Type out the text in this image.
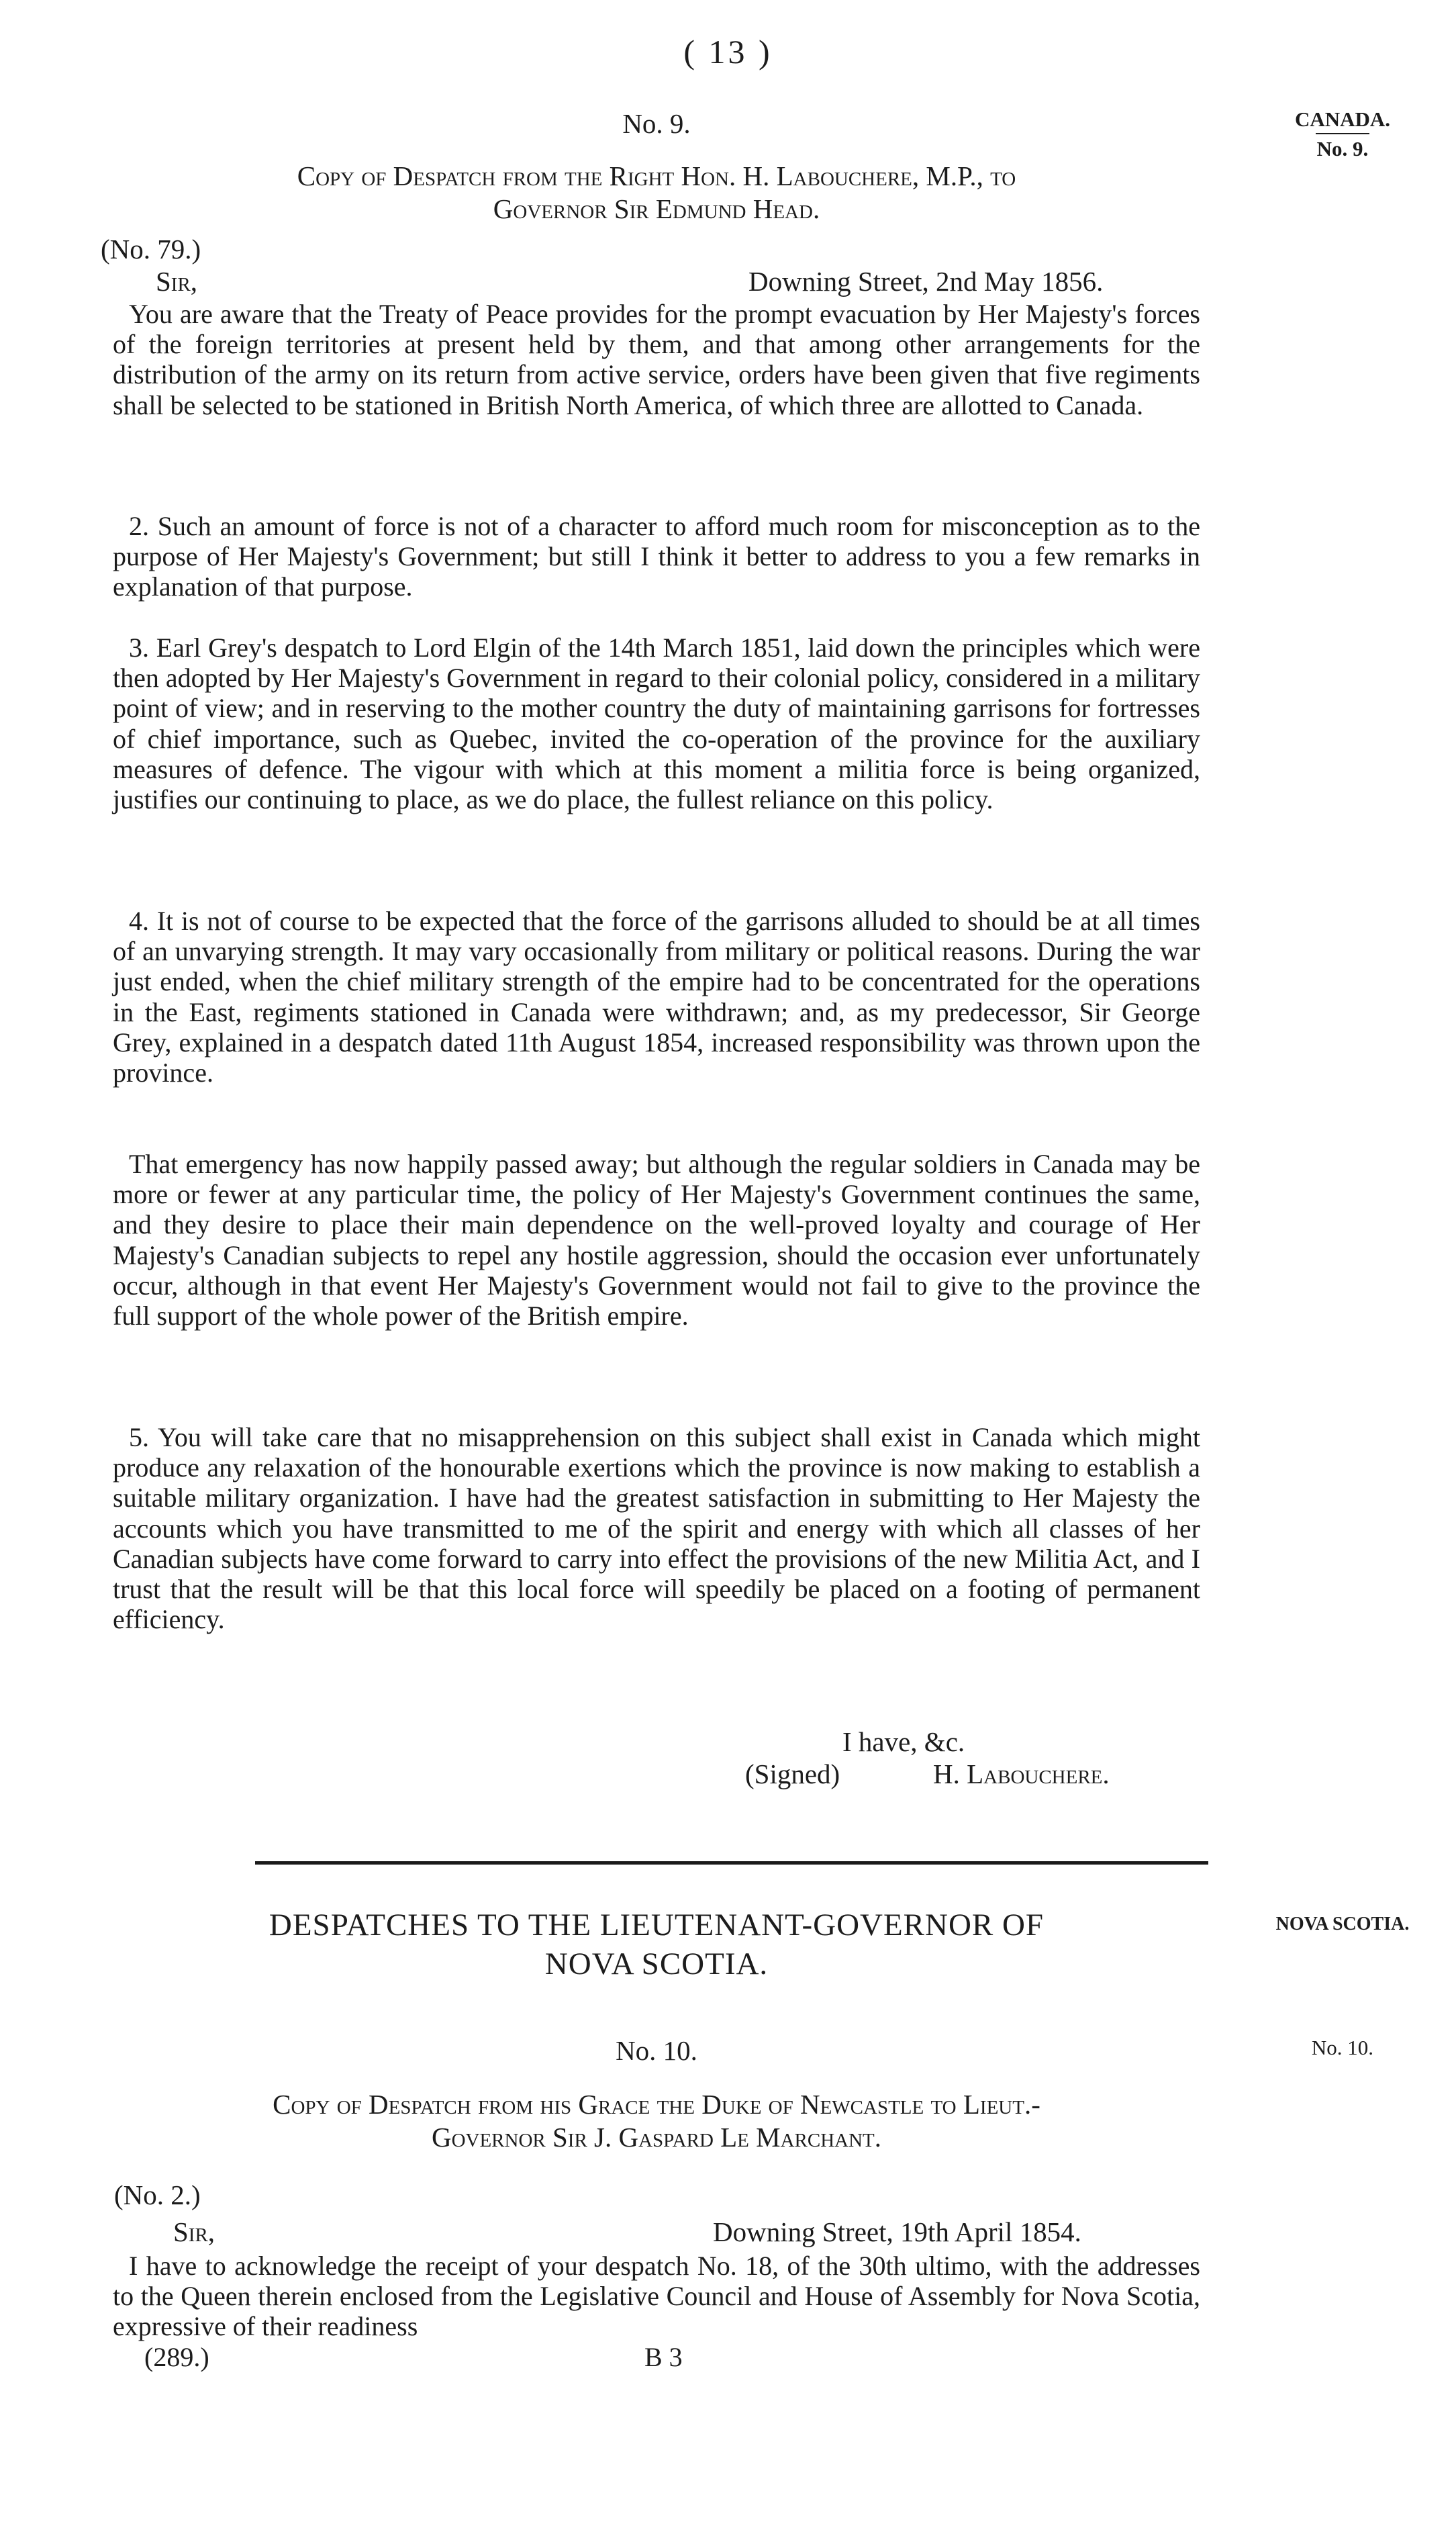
( 13 )
No. 9.	CANADA.
No. 9.
Copy of Despatch from the Right Hon. H. Labouchere, M.P., to
Governor Sir Edmund Head.
(No. 79.)
Sir,	Downing Street, 2nd May 1856.

You are aware that the Treaty of Peace provides for the prompt evacuation by Her Majesty's forces of the foreign territories at present held by them, and that among other arrangements for the distribution of the army on its return from active service, orders have been given that five regiments shall be selected to be stationed in British North America, of which three are allotted to Canada.

2. Such an amount of force is not of a character to afford much room for misconception as to the purpose of Her Majesty's Government; but still I think it better to address to you a few remarks in explanation of that purpose.

3. Earl Grey's despatch to Lord Elgin of the 14th March 1851, laid down the principles which were then adopted by Her Majesty's Government in regard to their colonial policy, considered in a military point of view; and in reserving to the mother country the duty of maintaining garrisons for fortresses of chief importance, such as Quebec, invited the co-operation of the province for the auxiliary measures of defence. The vigour with which at this moment a militia force is being organized, justifies our continuing to place, as we do place, the fullest reliance on this policy.

4. It is not of course to be expected that the force of the garrisons alluded to should be at all times of an unvarying strength. It may vary occasionally from military or political reasons. During the war just ended, when the chief military strength of the empire had to be concentrated for the operations in the East, regiments stationed in Canada were withdrawn; and, as my predecessor, Sir George Grey, explained in a despatch dated 11th August 1854, increased responsibility was thrown upon the province.

That emergency has now happily passed away; but although the regular soldiers in Canada may be more or fewer at any particular time, the policy of Her Majesty's Government continues the same, and they desire to place their main dependence on the well-proved loyalty and courage of Her Majesty's Canadian subjects to repel any hostile aggression, should the occasion ever unfortunately occur, although in that event Her Majesty's Government would not fail to give to the province the full support of the whole power of the British empire.

5. You will take care that no misapprehension on this subject shall exist in Canada which might produce any relaxation of the honourable exertions which the province is now making to establish a suitable military organization. I have had the greatest satisfaction in submitting to Her Majesty the accounts which you have transmitted to me of the spirit and energy with which all classes of her Canadian subjects have come forward to carry into effect the provisions of the new Militia Act, and I trust that the result will be that this local force will speedily be placed on a footing of permanent efficiency.

I have, &c.
(Signed)	H. Labouchere.
DESPATCHES TO THE LIEUTENANT-GOVERNOR OF
NOVA SCOTIA.
NOVA SCOTIA.
No. 10.	No. 10.
Copy of Despatch from his Grace the Duke of Newcastle to Lieut.-
Governor Sir J. Gaspard Le Marchant.
(No. 2.)
Sir,	Downing Street, 19th April 1854.

I have to acknowledge the receipt of your despatch No. 18, of the 30th ultimo, with the addresses to the Queen therein enclosed from the Legislative Council and House of Assembly for Nova Scotia, expressive of their readiness

(289.)	B 3
